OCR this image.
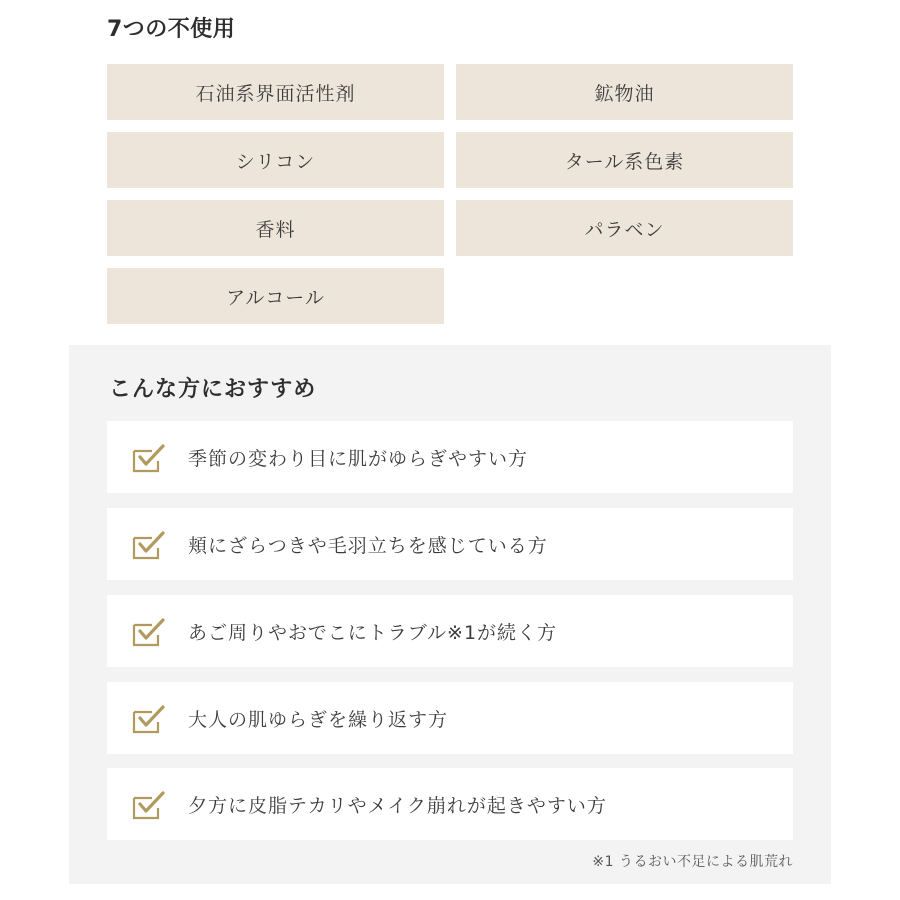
7つの不使用
石油系界面活性剤	鉱物油
シリコン	タール系色素
香料	パラベン
アルコール
こんな方におすすめ
季節の変わり目に肌がゆらぎやすい方
頬にざらつきや毛羽立ちを感じている方
あご周りやおでこにトラブル※1が続く方
大人の肌ゆらぎを繰り返す方
夕方に皮脂テカリやメイク崩れが起きやすい方
※1 うるおい不足による肌荒れ
